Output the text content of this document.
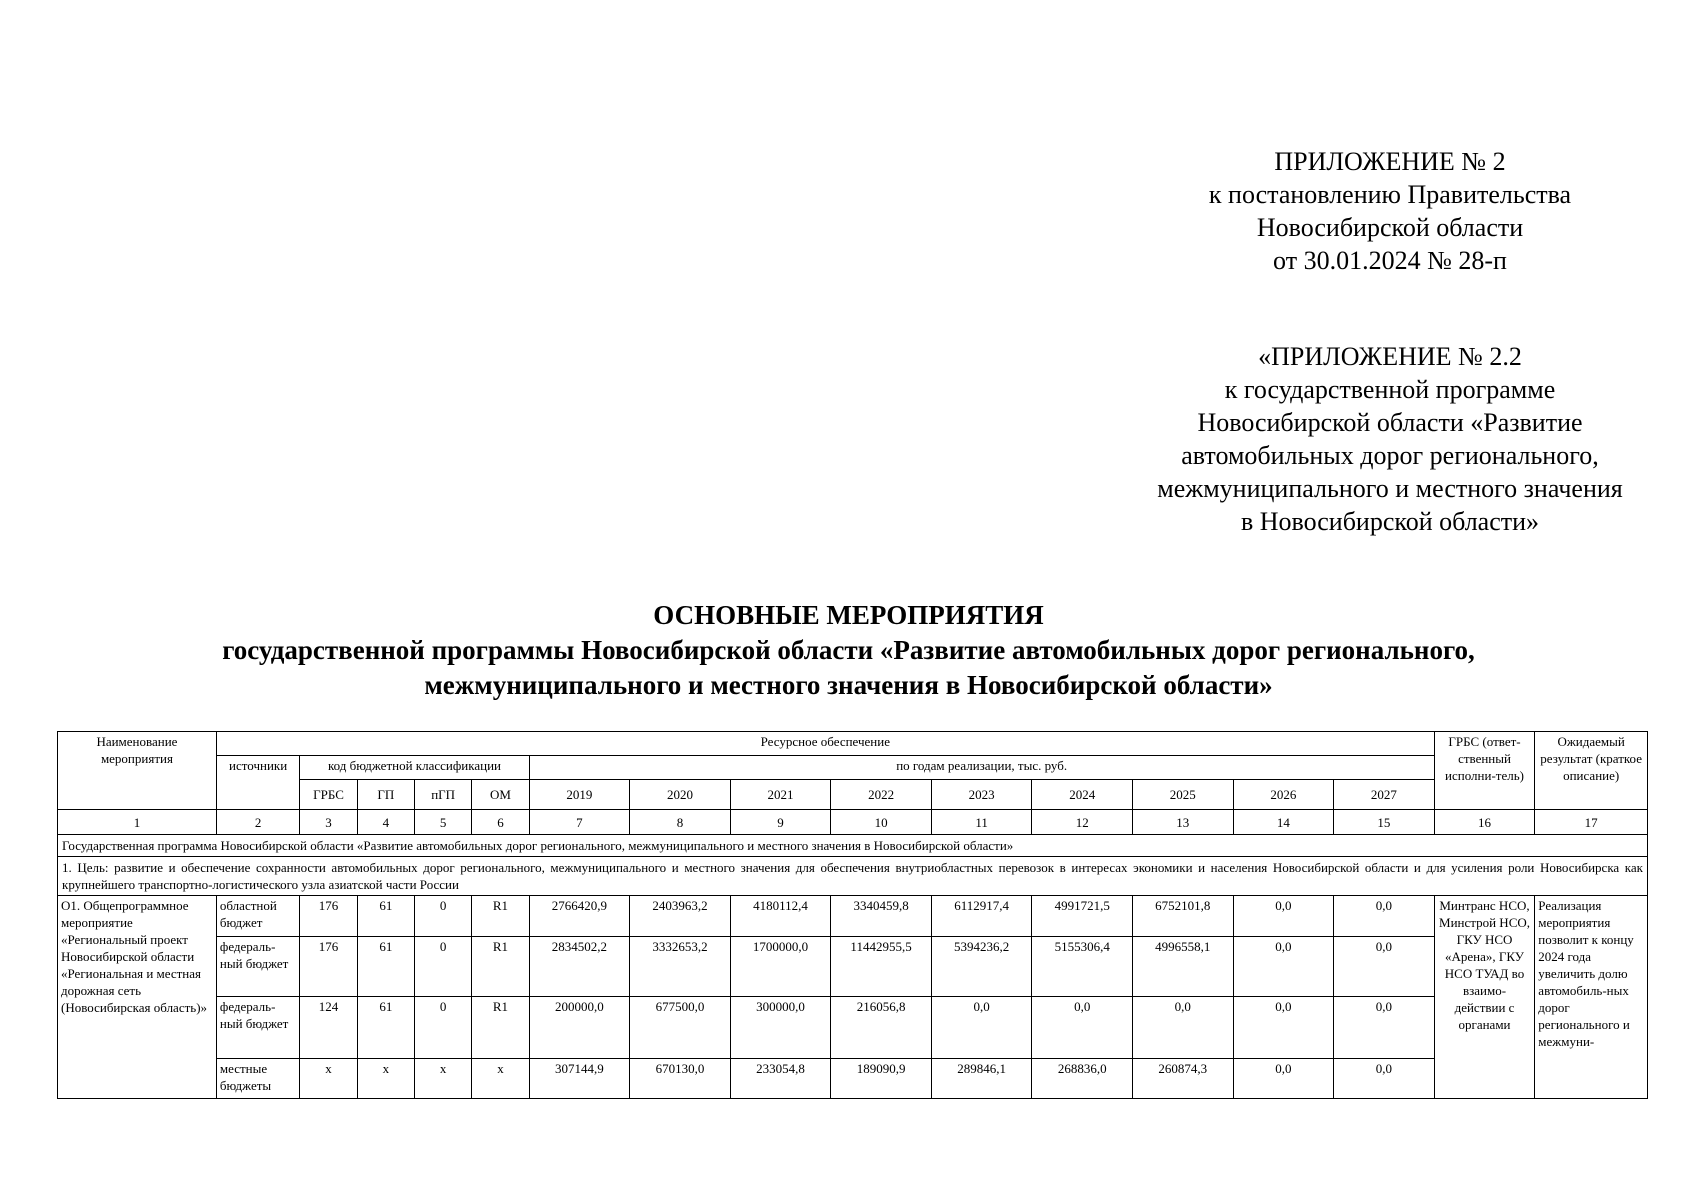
ПРИЛОЖЕНИЕ № 2
к постановлению Правительства
Новосибирской области
от 30.01.2024 № 28-п
«ПРИЛОЖЕНИЕ № 2.2
к государственной программе
Новосибирской области «Развитие
автомобильных дорог регионального,
межмуниципального и местного значения
в Новосибирской области»
ОСНОВНЫЕ МЕРОПРИЯТИЯ
государственной программы Новосибирской области «Развитие автомобильных дорог регионального,
межмуниципального и местного значения в Новосибирской области»
Наименование мероприятия	Ресурсное обеспечение														ГРБС (ответ-ственный исполни-тель)	Ожидаемый результат (краткое описание)
	источники	код бюджетной классификации				по годам реализации, тыс. руб.										
		ГРБС	ГП	пГП	ОМ	2019	2020	2021	2022	2023	2024	2025	2026	2027		
1	2	3	4	5	6	7	8	9	10	11	12	13	14	15	16	17
Государственная программа Новосибирской области «Развитие автомобильных дорог регионального, межмуниципального и местного значения в Новосибирской области»																
1. Цель: развитие и обеспечение сохранности автомобильных дорог регионального, межмуниципального и местного значения для обеспечения внутриобластных перевозок в интересах экономики и населения Новосибирской области и для усиления роли Новосибирска как крупнейшего транспортно-логистического узла азиатской части России																
О1. Общепрограммное мероприятие «Региональный проект Новосибирской области «Региональная и местная дорожная сеть (Новосибирская область)»	областной бюджет	176	61	0	R1	2766420,9	2403963,2	4180112,4	3340459,8	6112917,4	4991721,5	6752101,8	0,0	0,0	Минтранс НСО, Минстрой НСО, ГКУ НСО «Арена», ГКУ НСО ТУАД во взаимо-действии с органами	Реализация мероприятия позволит к концу 2024 года увеличить долю автомобиль-ных дорог регионального и межмуни-
	федераль-ный бюджет	176	61	0	R1	2834502,2	3332653,2	1700000,0	11442955,5	5394236,2	5155306,4	4996558,1	0,0	0,0		
	федераль-ный бюджет	124	61	0	R1	200000,0	677500,0	300000,0	216056,8	0,0	0,0	0,0	0,0	0,0		
	местные бюджеты	x	x	x	x	307144,9	670130,0	233054,8	189090,9	289846,1	268836,0	260874,3	0,0	0,0		
